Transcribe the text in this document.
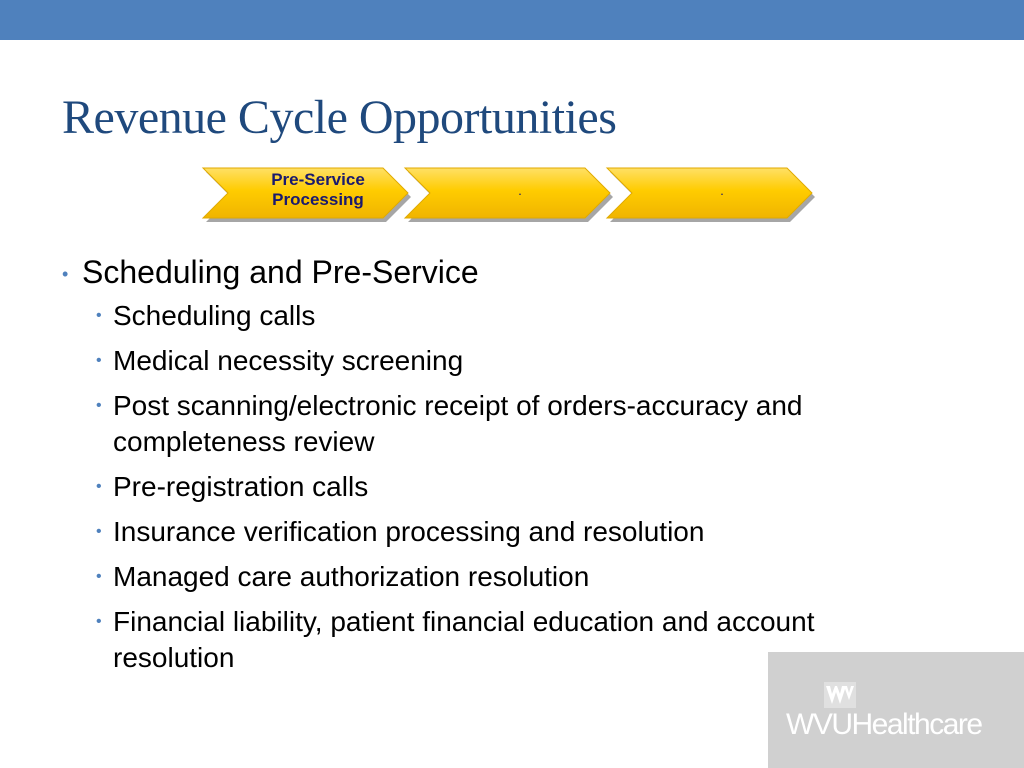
Revenue Cycle Opportunities
Pre-Service
Processing	.	.
• Scheduling and Pre-Service
• Scheduling calls
• Medical necessity screening
• Post scanning/electronic receipt of orders-accuracy and completeness review
• Pre-registration calls
• Insurance verification processing and resolution
• Managed care authorization resolution
• Financial liability, patient financial education and account resolution
WVUHealthcare
